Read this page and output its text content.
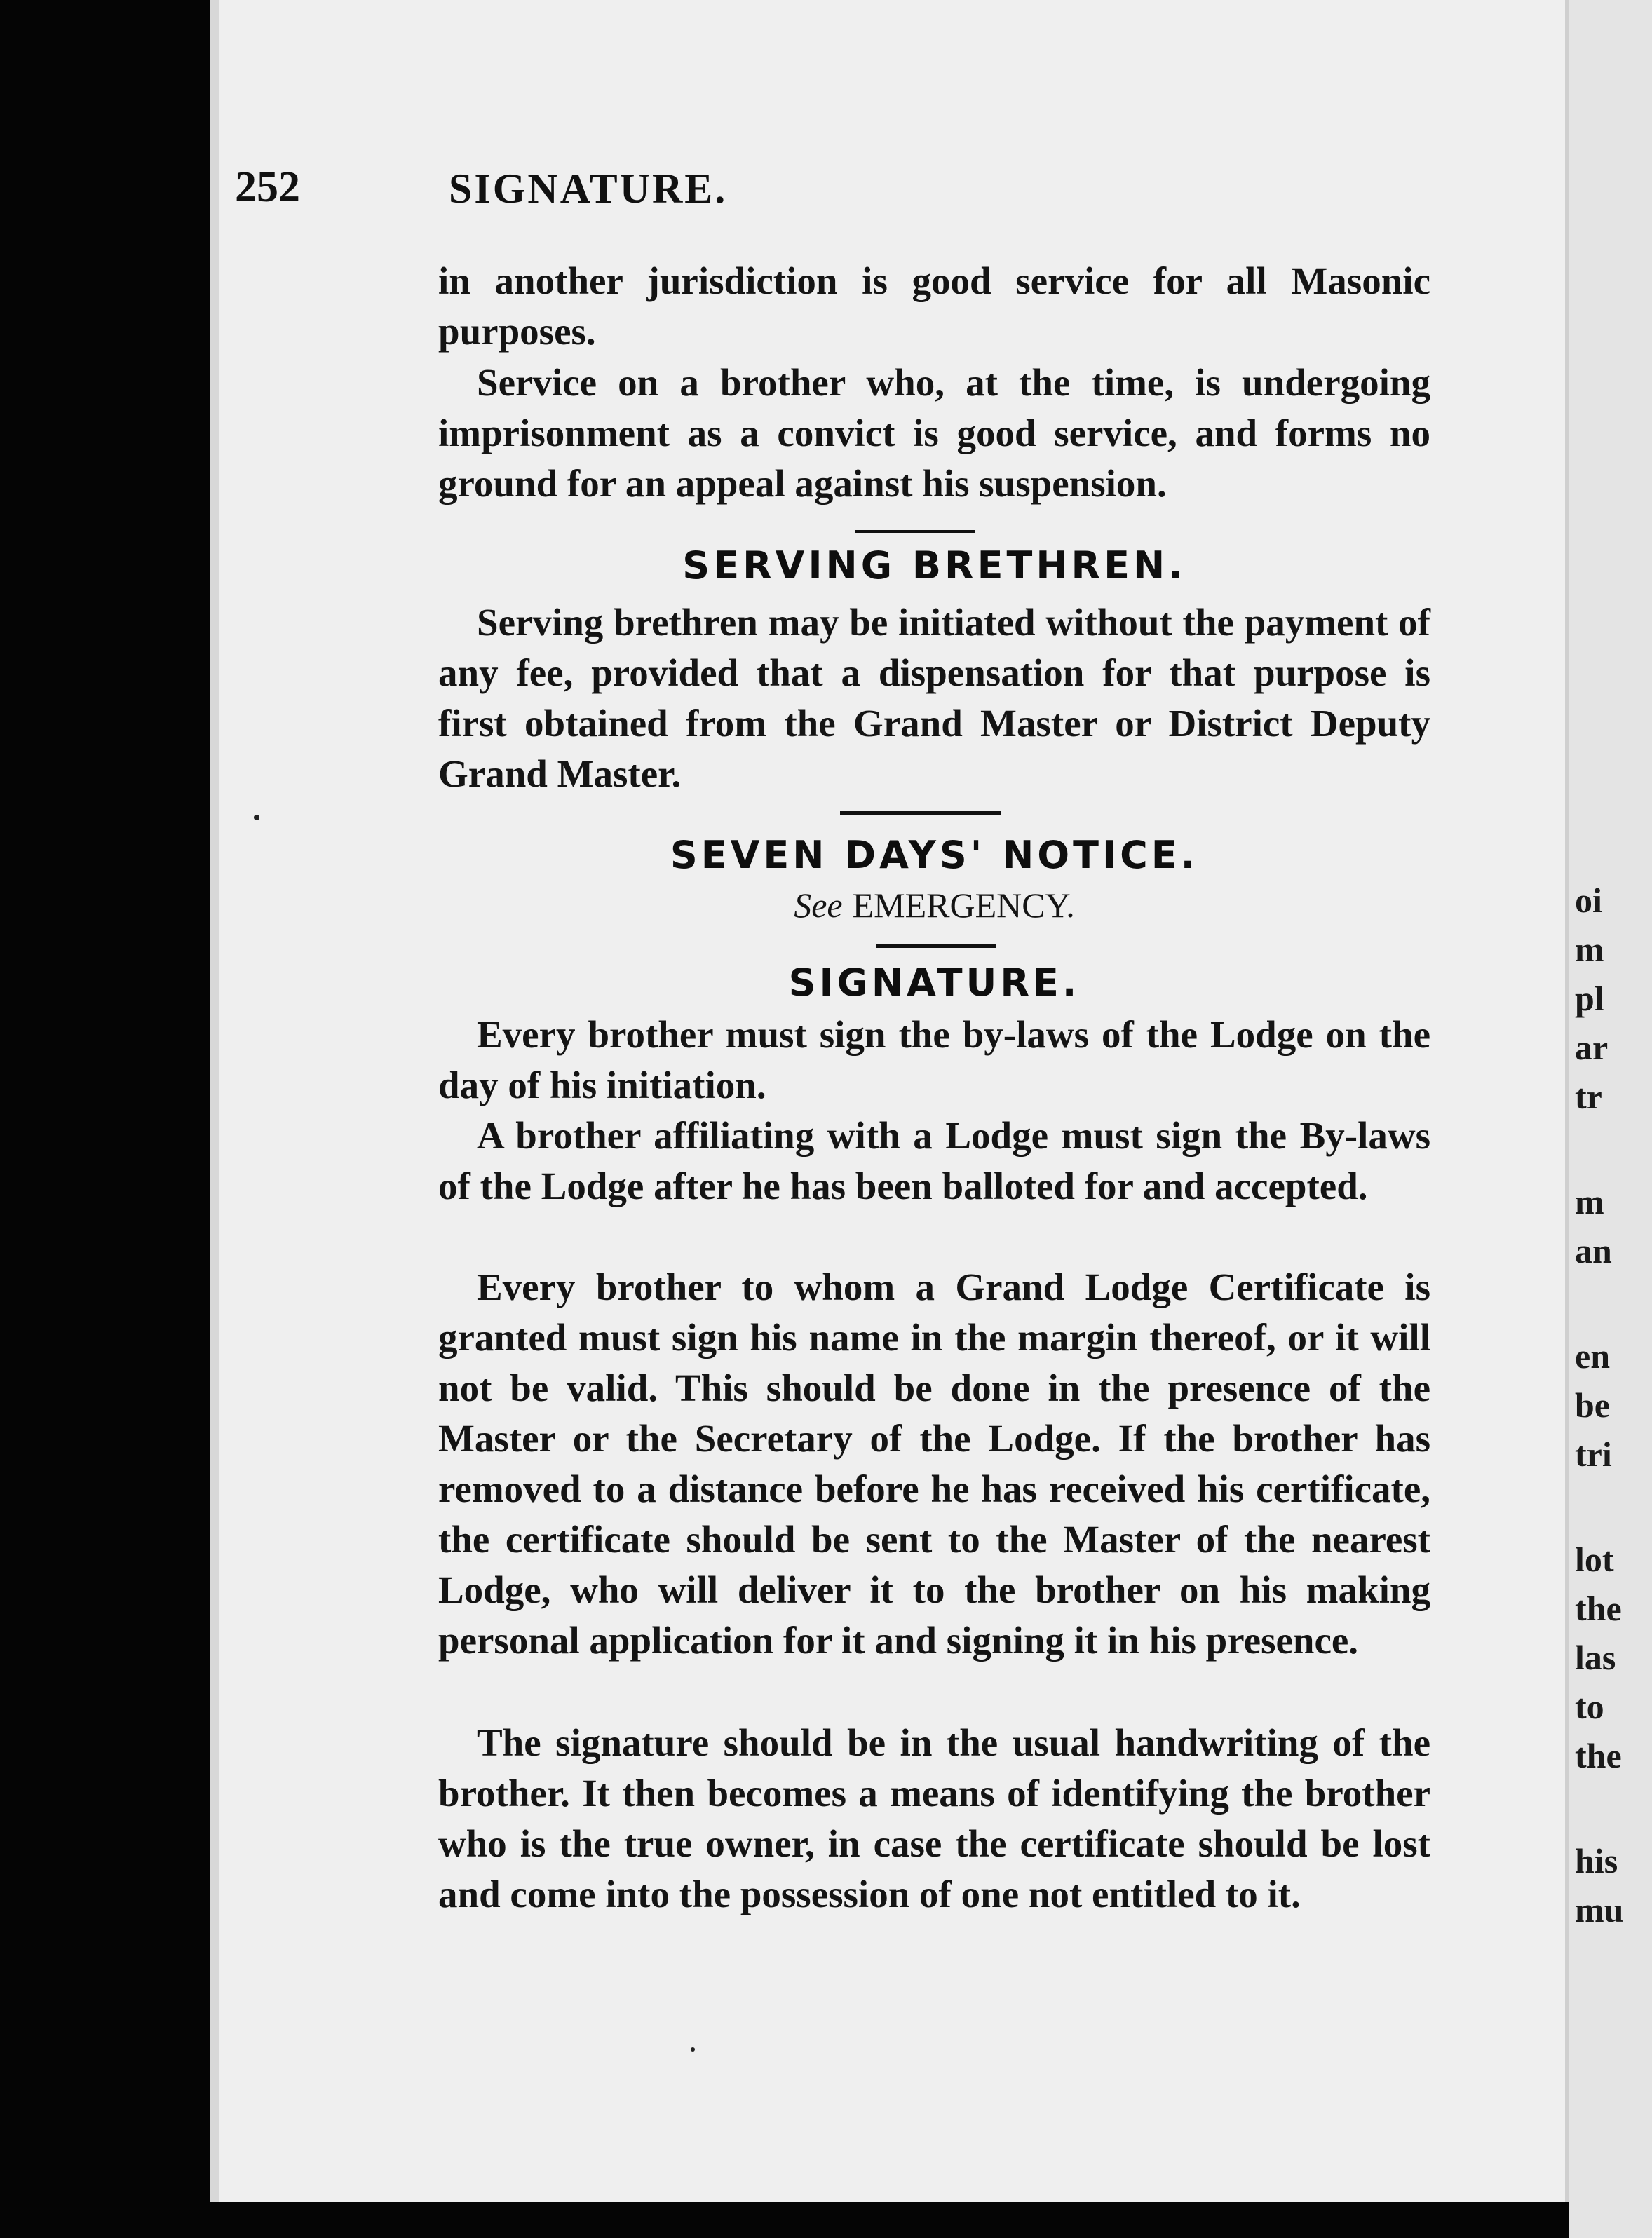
252	SIGNATURE.
in another jurisdiction is good service for all Masonic purposes.
Service on a brother who, at the time, is undergoing imprisonment as a convict is good service, and forms no ground for an appeal against his suspension.
SERVING BRETHREN.
Serving brethren may be initiated without the payment of any fee, provided that a dispensation for that purpose is first obtained from the Grand Master or District Deputy Grand Master.
SEVEN DAYS' NOTICE.
See EMERGENCY.
SIGNATURE.
Every brother must sign the by-laws of the Lodge on the day of his initiation.
A brother affiliating with a Lodge must sign the By-laws of the Lodge after he has been balloted for and accepted.
Every brother to whom a Grand Lodge Certificate is granted must sign his name in the margin thereof, or it will not be valid. This should be done in the presence of the Master or the Secretary of the Lodge. If the brother has removed to a distance before he has received his certificate, the certificate should be sent to the Master of the nearest Lodge, who will deliver it to the brother on his making personal application for it and signing it in his presence.
The signature should be in the usual handwriting of the brother. It then becomes a means of identifying the brother who is the true owner, in case the certificate should be lost and come into the possession of one not entitled to it.
oi
m
pl
ar
tr
m
an
en
be
tri
lot
the
las
to
the
his
mu
